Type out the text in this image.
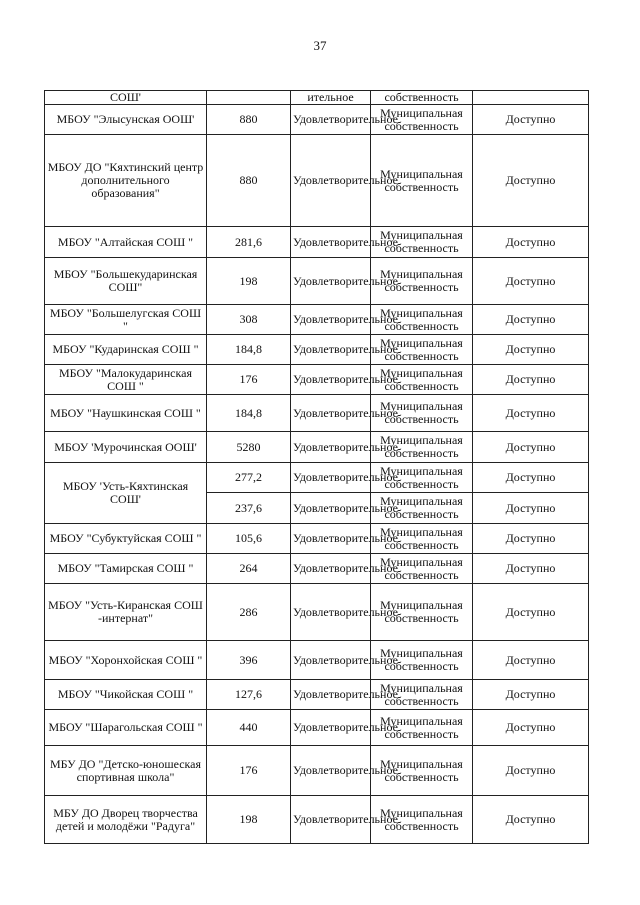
37
СОШ'		ительное	собственность	
МБОУ "Элысунская ООШ'	880	Удовлетворительное	Муниципальная собственность	Доступно
МБОУ ДО "Кяхтинский центр дополнительного образования"	880	Удовлетворительное	Муниципальная собственность	Доступно
МБОУ "Алтайская СОШ "	281,6	Удовлетворительное	Муниципальная собственность	Доступно
МБОУ "Большекударинская СОШ"	198	Удовлетворительное	Муниципальная собственность	Доступно
МБОУ "Большелугская СОШ "	308	Удовлетворительное	Муниципальная собственность	Доступно
МБОУ "Кударинская СОШ "	184,8	Удовлетворительное	Муниципальная собственность	Доступно
МБОУ "Малокударинская СОШ "	176	Удовлетворительное	Муниципальная собственность	Доступно
МБОУ "Наушкинская СОШ "	184,8	Удовлетворительное	Муниципальная собственность	Доступно
МБОУ 'Мурочинская ООШ'	5280	Удовлетворительное	Муниципальная собственность	Доступно
МБОУ 'Усть-Кяхтинская СОШ'	277,2	Удовлетворительное	Муниципальная собственность	Доступно
	237,6	Удовлетворительное	Муниципальная собственность	Доступно
МБОУ "Субуктуйская СОШ "	105,6	Удовлетворительное	Муниципальная собственность	Доступно
МБОУ "Тамирская СОШ "	264	Удовлетворительное	Муниципальная собственность	Доступно
МБОУ "Усть-Киранская СОШ -интернат"	286	Удовлетворительное	Муниципальная собственность	Доступно
МБОУ "Хоронхойская СОШ "	396	Удовлетворительное	Муниципальная собственность	Доступно
МБОУ "Чикойская СОШ "	127,6	Удовлетворительное	Муниципальная собственность	Доступно
МБОУ "Шарагольская СОШ "	440	Удовлетворительное	Муниципальная собственность	Доступно
МБУ ДО "Детско-юношеская спортивная школа"	176	Удовлетворительное	Муниципальная собственность	Доступно
МБУ ДО Дворец творчества детей и молодёжи "Радуга"	198	Удовлетворительное	Муниципальная собственность	Доступно
